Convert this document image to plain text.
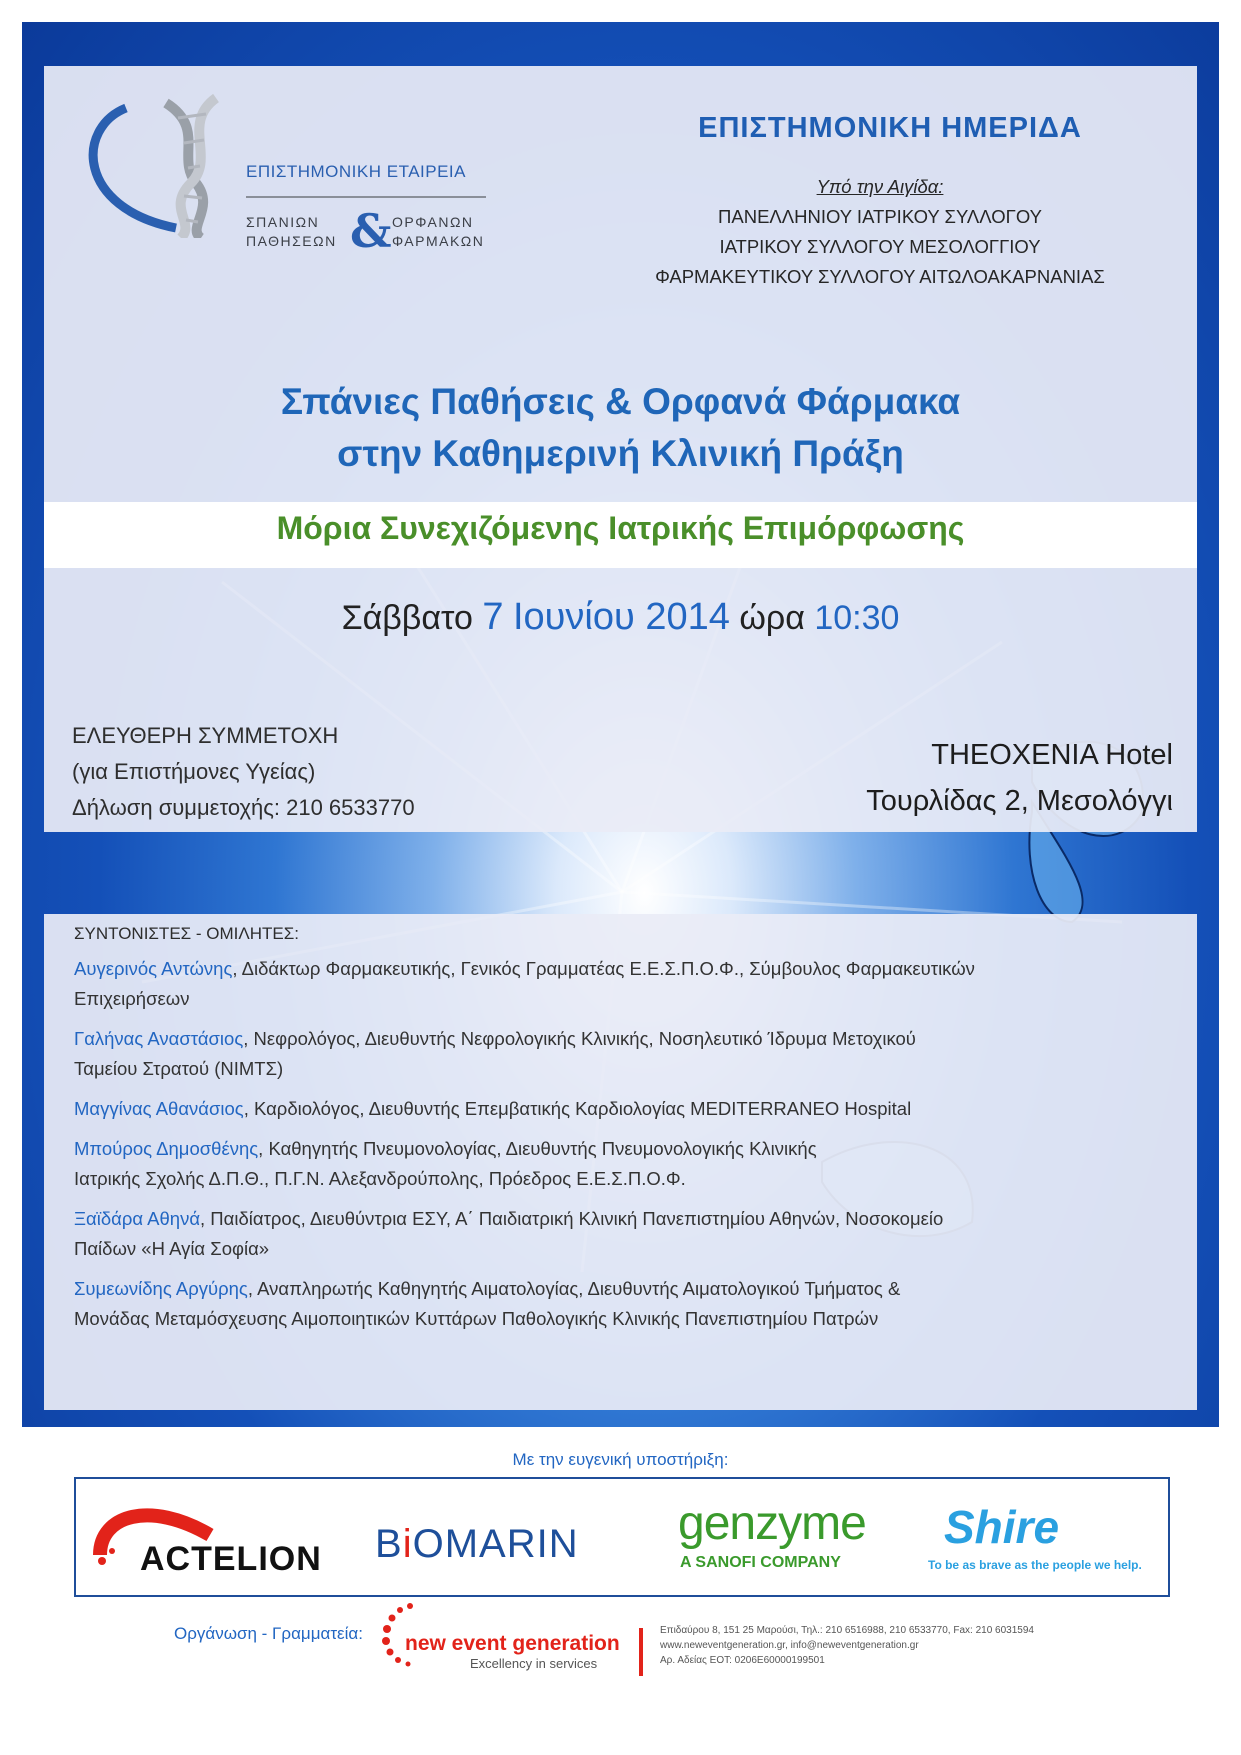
ΕΠΙΣΤΗΜΟΝΙΚΗ ΕΤΑΙΡΕΙΑ
ΣΠΑΝΙΩΝ
ΠΑΘΗΣΕΩΝ & ΟΡΦΑΝΩΝ
ΦΑΡΜΑΚΩΝ
ΕΠΙΣΤΗΜΟΝΙΚΗ ΗΜΕΡΙΔΑ
Υπό την Αιγίδα:
ΠΑΝΕΛΛΗΝΙΟΥ ΙΑΤΡΙΚΟΥ ΣΥΛΛΟΓΟΥ
ΙΑΤΡΙΚΟΥ ΣΥΛΛΟΓΟΥ ΜΕΣΟΛΟΓΓΙΟΥ
ΦΑΡΜΑΚΕΥΤΙΚΟΥ ΣΥΛΛΟΓΟΥ ΑΙΤΩΛΟΑΚΑΡΝΑΝΙΑΣ
Σπάνιες Παθήσεις & Ορφανά Φάρμακα
στην Καθημερινή Κλινική Πράξη
Μόρια Συνεχιζόμενης Ιατρικής Επιμόρφωσης
Σάββατο 7 Ιουνίου 2014 ώρα 10:30
ΕΛΕΥΘΕΡΗ ΣΥΜΜΕΤΟΧΗ
(για Επιστήμονες Υγείας)
Δήλωση συμμετοχής: 210 6533770
THEOXENIA Hotel
Τουρλίδας 2, Μεσολόγγι
ΣΥΝΤΟΝΙΣΤΕΣ - ΟΜΙΛΗΤΕΣ:
Αυγερινός Αντώνης, Διδάκτωρ Φαρμακευτικής, Γενικός Γραμματέας Ε.Ε.Σ.Π.Ο.Φ., Σύμβουλος Φαρμακευτικών
Επιχειρήσεων
Γαλήνας Αναστάσιος, Νεφρολόγος, Διευθυντής Νεφρολογικής Κλινικής, Νοσηλευτικό Ίδρυμα Μετοχικού
Ταμείου Στρατού (ΝΙΜΤΣ)
Μαγγίνας Αθανάσιος, Καρδιολόγος, Διευθυντής Επεμβατικής Καρδιολογίας MEDITERRANEO Hospital
Μπούρος Δημοσθένης, Καθηγητής Πνευμονολογίας, Διευθυντής Πνευμονολογικής Κλινικής
Ιατρικής Σχολής Δ.Π.Θ., Π.Γ.Ν. Αλεξανδρούπολης, Πρόεδρος Ε.Ε.Σ.Π.Ο.Φ.
Ξαϊδάρα Αθηνά, Παιδίατρος, Διευθύντρια ΕΣΥ, Α΄ Παιδιατρική Κλινική Πανεπιστημίου Αθηνών, Νοσοκομείο
Παίδων «Η Αγία Σοφία»
Συμεωνίδης Αργύρης, Αναπληρωτής Καθηγητής Αιματολογίας, Διευθυντής Αιματολογικού Τμήματος &
Μονάδας Μεταμόσχευσης Αιμοποιητικών Κυττάρων Παθολογικής Κλινικής Πανεπιστημίου Πατρών
Με την ευγενική υποστήριξη:
ACTELION BiOMARIN genzyme
A SANOFI COMPANY
Shire
To be as brave as the people we help.
Οργάνωση - Γραμματεία: new event generation
Excellency in services
Επιδαύρου 8, 151 25 Μαρούσι, Τηλ.: 210 6516988, 210 6533770, Fax: 210 6031594
www.neweventgeneration.gr, info@neweventgeneration.gr
Αρ. Αδείας ΕΟΤ: 0206Ε60000199501
